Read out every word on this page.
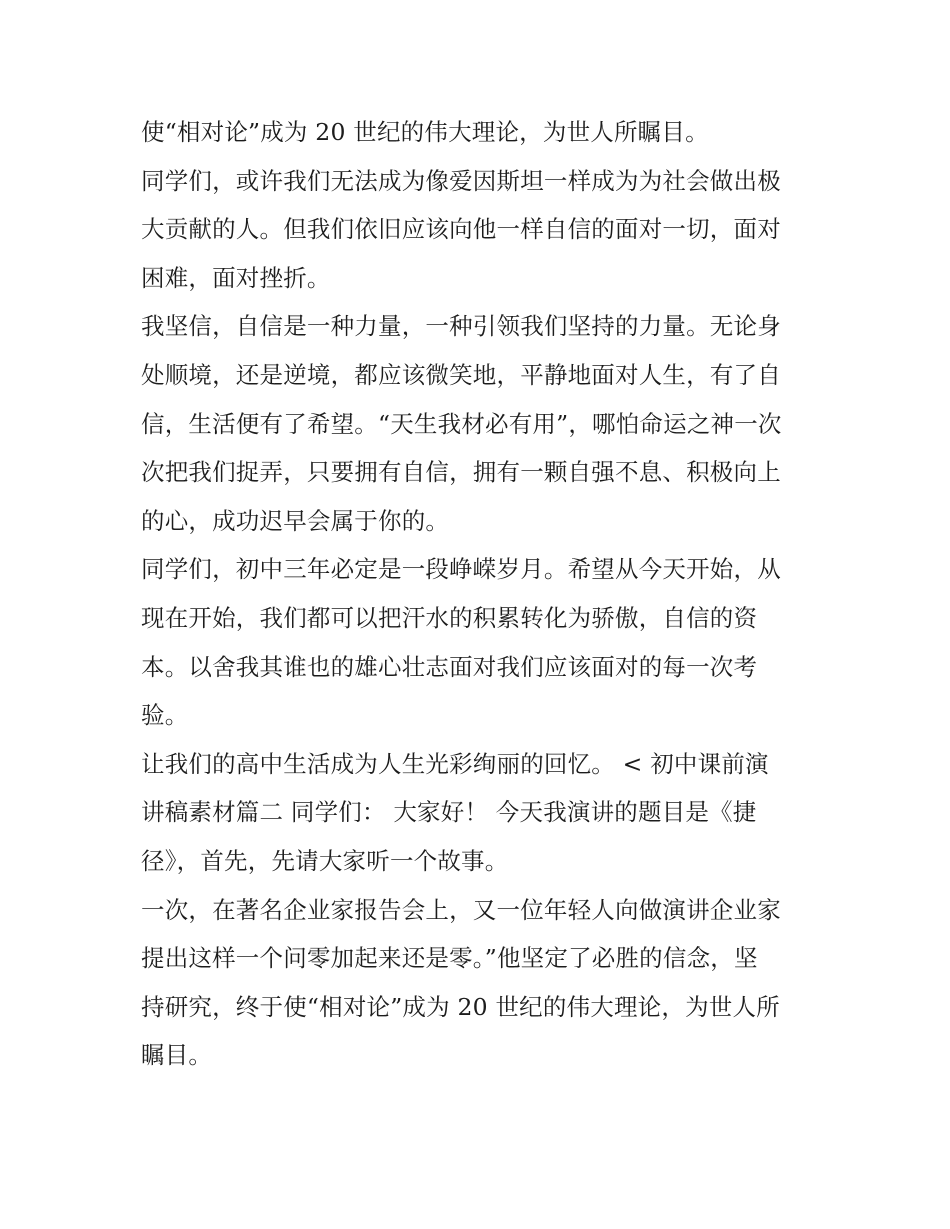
使“相对论”成为 20 世纪的伟大理论，为世人所瞩目。
同学们，或许我们无法成为像爱因斯坦一样成为为社会做出极
大贡献的人。但我们依旧应该向他一样自信的面对一切，面对
困难，面对挫折。
我坚信，自信是一种力量，一种引领我们坚持的力量。无论身
处顺境，还是逆境，都应该微笑地，平静地面对人生，有了自
信，生活便有了希望。“天生我材必有用”，哪怕命运之神一次
次把我们捉弄，只要拥有自信，拥有一颗自强不息、积极向上
的心，成功迟早会属于你的。
同学们，初中三年必定是一段峥嵘岁月。希望从今天开始，从
现在开始，我们都可以把汗水的积累转化为骄傲，自信的资
本。以舍我其谁也的雄心壮志面对我们应该面对的每一次考
验。
让我们的高中生活成为人生光彩绚丽的回忆。 < 初中课前演
讲稿素材篇二 同学们： 大家好！ 今天我演讲的题目是《捷
径》，首先，先请大家听一个故事。
一次，在著名企业家报告会上，又一位年轻人向做演讲企业家
提出这样一个问零加起来还是零。”他坚定了必胜的信念，坚
持研究，终于使“相对论”成为 20 世纪的伟大理论，为世人所
瞩目。
